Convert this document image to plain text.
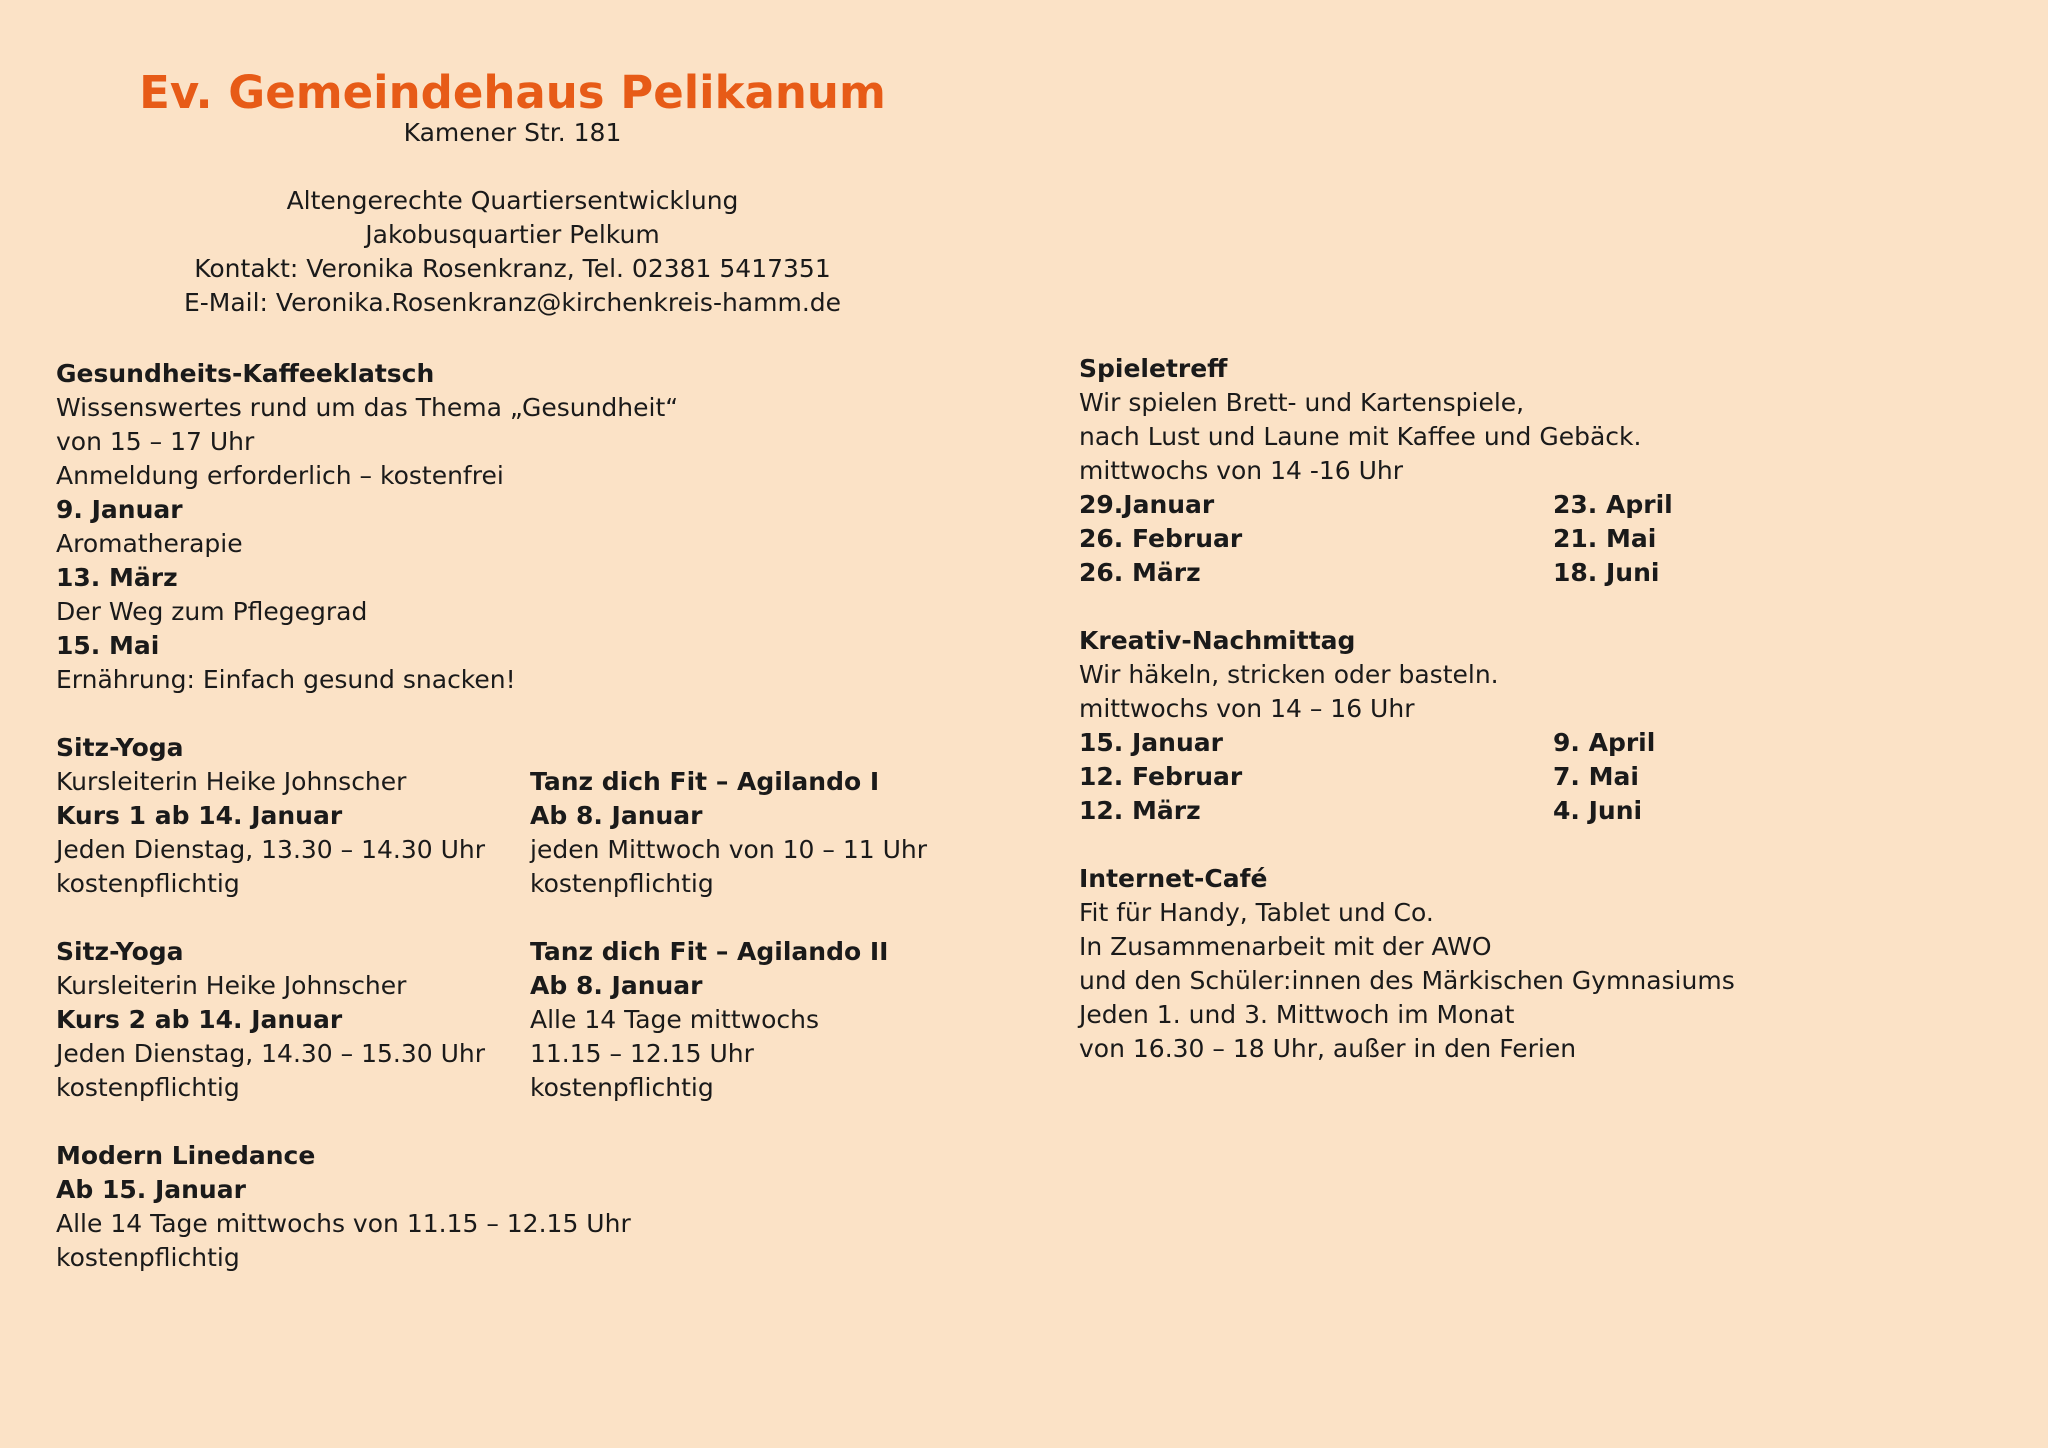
Ev. Gemeindehaus Pelikanum
Kamener Str. 181
Altengerechte Quartiersentwicklung
Jakobusquartier Pelkum
Kontakt: Veronika Rosenkranz, Tel. 02381 5417351
E-Mail: Veronika.Rosenkranz@kirchenkreis-hamm.de
Gesundheits-Kaffeeklatsch
Wissenswertes rund um das Thema „Gesundheit“
von 15 – 17 Uhr
Anmeldung erforderlich – kostenfrei
9. Januar
Aromatherapie
13. März
Der Weg zum Pflegegrad
15. Mai
Ernährung: Einfach gesund snacken!
Sitz-Yoga
Kursleiterin Heike Johnscher
Kurs 1 ab 14. Januar
Jeden Dienstag, 13.30 – 14.30 Uhr
kostenpflichtig
Tanz dich Fit – Agilando I
Ab 8. Januar
jeden Mittwoch von 10 – 11 Uhr
kostenpflichtig
Sitz-Yoga
Kursleiterin Heike Johnscher
Kurs 2 ab 14. Januar
Jeden Dienstag, 14.30 – 15.30 Uhr
kostenpflichtig
Tanz dich Fit – Agilando II
Ab 8. Januar
Alle 14 Tage mittwochs
11.15 – 12.15 Uhr
kostenpflichtig
Modern Linedance
Ab 15. Januar
Alle 14 Tage mittwochs von 11.15 – 12.15 Uhr
kostenpflichtig
Spieletreff
Wir spielen Brett- und Kartenspiele,
nach Lust und Laune mit Kaffee und Gebäck.
mittwochs von 14 -16 Uhr
29.Januar
26. Februar
26. März
23. April
21. Mai
18. Juni
Kreativ-Nachmittag
Wir häkeln, stricken oder basteln.
mittwochs von 14 – 16 Uhr
15. Januar
12. Februar
12. März
9. April
7. Mai
4. Juni
Internet-Café
Fit für Handy, Tablet und Co.
In Zusammenarbeit mit der AWO
und den Schüler:innen des Märkischen Gymnasiums
Jeden 1. und 3. Mittwoch im Monat
von 16.30 – 18 Uhr, außer in den Ferien
